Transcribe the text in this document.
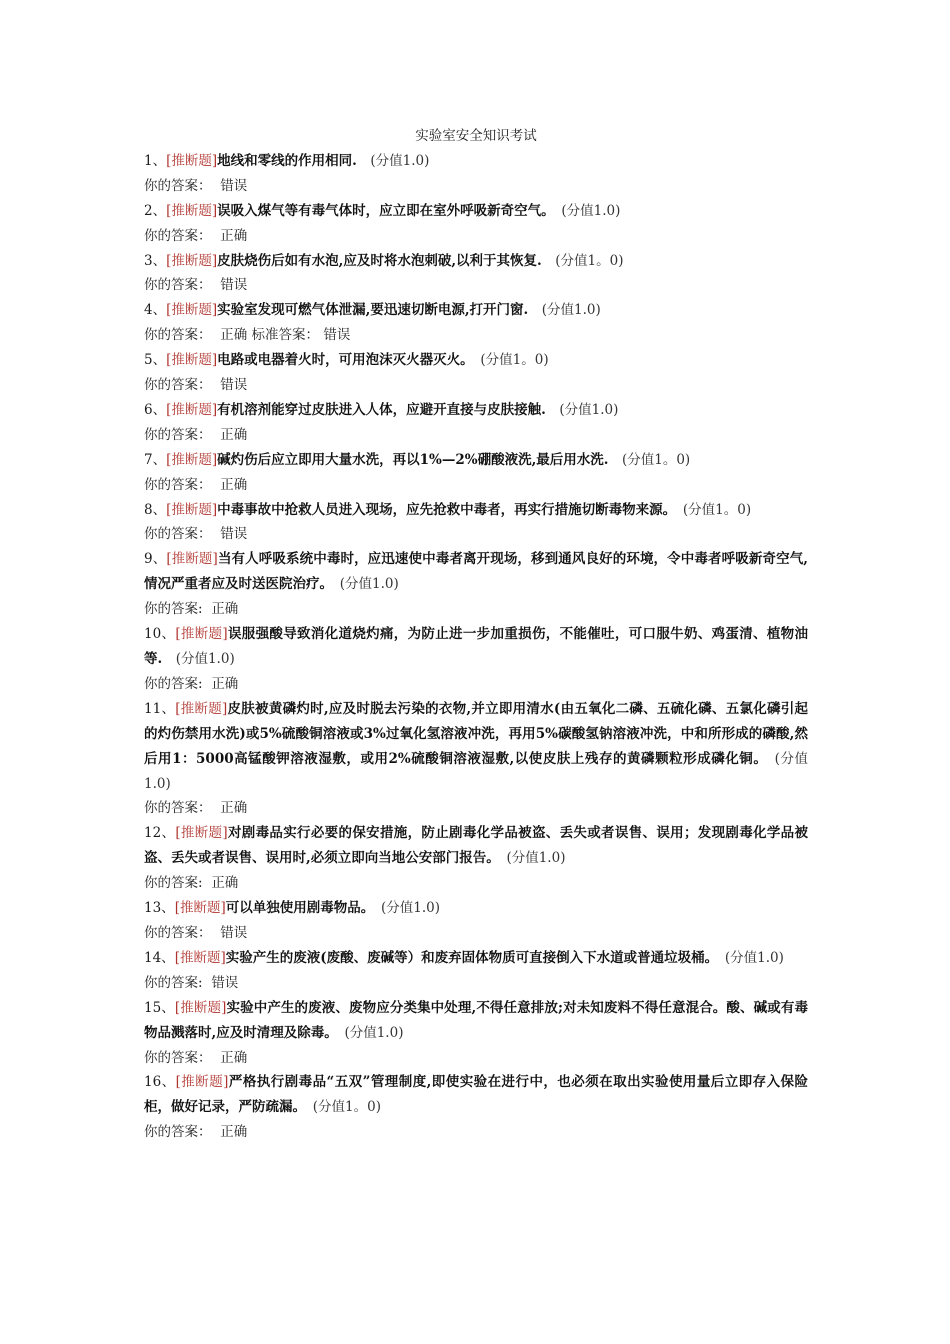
实验室安全知识考试

1、[推断题]地线和零线的作用相同.　 (分值1.0)

你的答案：  错误

2、[推断题]误吸入煤气等有毒气体时，应立即在室外呼吸新奇空气。　 (分值1.0)

你的答案：  正确

3、[推断题]皮肤烧伤后如有水泡,应及时将水泡刺破,以利于其恢复.　 (分值1。0)

你的答案：  错误

4、[推断题]实验室发现可燃气体泄漏,要迅速切断电源,打开门窗.　 (分值1.0)

你的答案：  正确 标准答案： 错误

5、[推断题]电路或电器着火时，可用泡沫灭火器灭火。　 (分值1。0)

你的答案：  错误

6、[推断题]有机溶剂能穿过皮肤进入人体，应避开直接与皮肤接触.　 (分值1.0)

你的答案：  正确

7、[推断题]碱灼伤后应立即用大量水洗，再以1%—2%硼酸液洗,最后用水洗.　 (分值1。0)

你的答案：  正确

8、[推断题]中毒事故中抢救人员进入现场，应先抢救中毒者，再实行措施切断毒物来源。　 (分值1。0)

你的答案：  错误

9、[推断题]当有人呼吸系统中毒时，应迅速使中毒者离开现场，移到通风良好的环境，令中毒者呼吸新奇空气,情况严重者应及时送医院治疗。　 (分值1.0)

你的答案:  正确

10、[推断题]误服强酸导致消化道烧灼痛，为防止进一步加重损伤，不能催吐，可口服牛奶、鸡蛋清、植物油等.　 (分值1.0)

你的答案:  正确

11、[推断题]皮肤被黄磷灼时,应及时脱去污染的衣物,并立即用清水(由五氧化二磷、五硫化磷、五氯化磷引起的灼伤禁用水洗)或5%硫酸铜溶液或3%过氧化氢溶液冲洗，再用5%碳酸氢钠溶液冲洗，中和所形成的磷酸,然后用1：5000高锰酸钾溶液湿敷，或用2%硫酸铜溶液湿敷,以使皮肤上残存的黄磷颗粒形成磷化铜。　 (分值1.0)

你的答案：  正确

12、[推断题]对剧毒品实行必要的保安措施，防止剧毒化学品被盗、丢失或者误售、误用；发现剧毒化学品被盗、丢失或者误售、误用时,必须立即向当地公安部门报告。　 (分值1.0)

你的答案:  正确

13、[推断题]可以单独使用剧毒物品。　 (分值1.0)

你的答案：  错误

14、[推断题]实验产生的废液(废酸、废碱等）和废弃固体物质可直接倒入下水道或普通垃圾桶。　 (分值1.0)

你的答案:  错误

15、[推断题]实验中产生的废液、废物应分类集中处理,不得任意排放;对未知废料不得任意混合。酸、碱或有毒物品溅落时,应及时清理及除毒。　 (分值1.0)

你的答案：  正确

16、[推断题]严格执行剧毒品“五双”管理制度,即使实验在进行中，也必须在取出实验使用量后立即存入保险柜，做好记录，严防疏漏。　 (分值1。0)

你的答案：  正确
